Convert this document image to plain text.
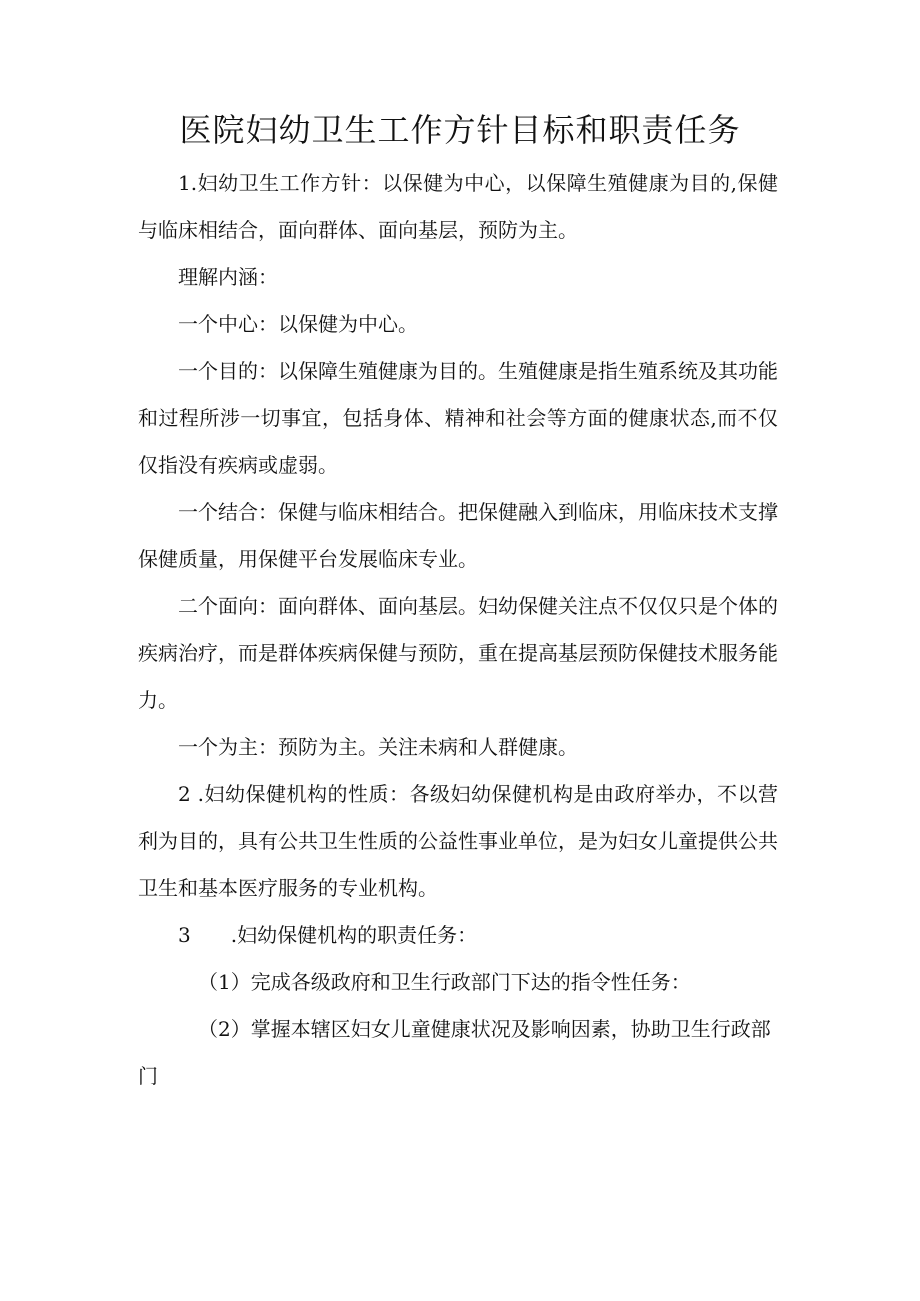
医院妇幼卫生工作方针目标和职责任务

1.妇幼卫生工作方针：以保健为中心，以保障生殖健康为目的,保健与临床相结合，面向群体、面向基层，预防为主。

理解内涵：

一个中心：以保健为中心。

一个目的：以保障生殖健康为目的。生殖健康是指生殖系统及其功能和过程所涉一切事宜，包括身体、精神和社会等方面的健康状态,而不仅仅指没有疾病或虚弱。

一个结合：保健与临床相结合。把保健融入到临床，用临床技术支撑保健质量，用保健平台发展临床专业。

二个面向：面向群体、面向基层。妇幼保健关注点不仅仅只是个体的疾病治疗，而是群体疾病保健与预防，重在提高基层预防保健技术服务能力。

一个为主：预防为主。关注未病和人群健康。

2 .妇幼保健机构的性质：各级妇幼保健机构是由政府举办，不以营利为目的，具有公共卫生性质的公益性事业单位，是为妇女儿童提供公共卫生和基本医疗服务的专业机构。

3　　.妇幼保健机构的职责任务：

（1）完成各级政府和卫生行政部门下达的指令性任务：

（2）掌握本辖区妇女儿童健康状况及影响因素，协助卫生行政部门
